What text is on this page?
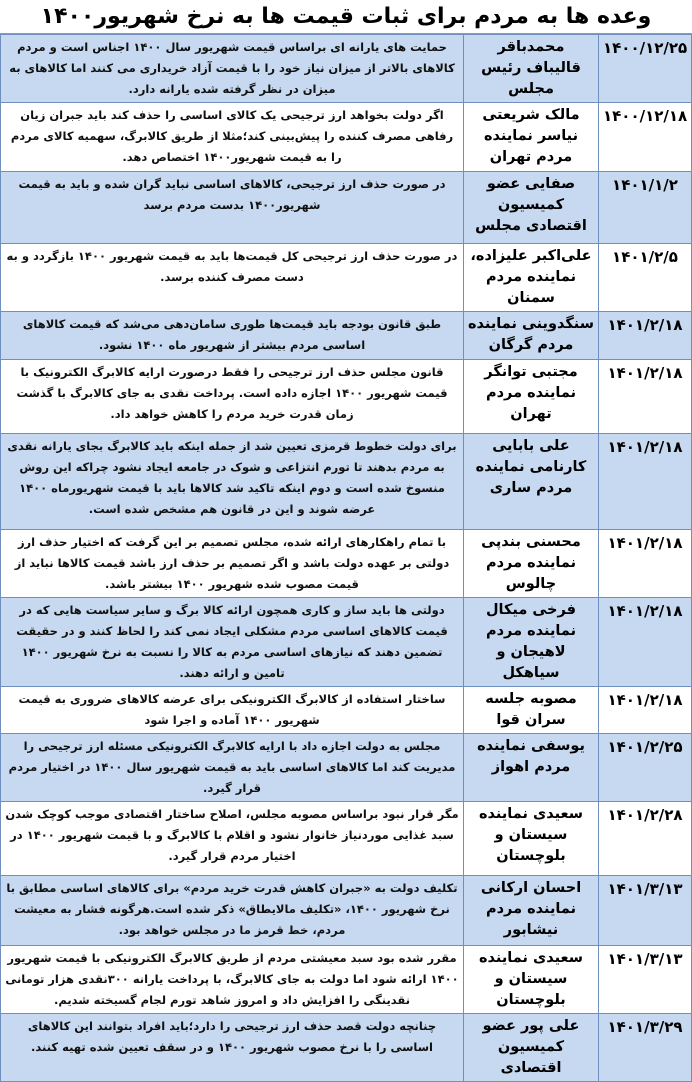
وعده ها به مردم برای ثبات قیمت ها به نرخ شهریور۱۴۰۰
۱۴۰۰/۱۲/۲۵	محمدباقر قالیباف رئیس مجلس	حمایت های یارانه ای براساس قیمت شهریور سال ۱۴۰۰ اجناس است و مردم کالاهای بالاتر از میزان نیاز خود را با قیمت آزاد خریداری می کنند اما کالاهای به میزان در نظر گرفته شده یارانه دارد.
۱۴۰۰/۱۲/۱۸	مالک شریعتی نیاسر نماینده مردم تهران	اگر دولت بخواهد ارز ترجیحی یک کالای اساسی را حذف کند باید جبران زیان رفاهی مصرف کننده را پیش‌بینی کند؛مثلا از طریق کالابرگ، سهمیه کالای مردم را به قیمت شهریور۱۴۰۰ اختصاص دهد.
۱۴۰۱/۱/۲	صفایی عضو کمیسیون اقتصادی مجلس	در صورت حذف ارز ترجیحی، کالاهای اساسی نباید گران شده و باید به قیمت شهریور۱۴۰۰ بدست مردم برسد
۱۴۰۱/۲/۵	علی‌اکبر علیزاده، نماینده مردم سمنان	در صورت حذف ارز ترجیحی کل قیمت‌ها باید به قیمت شهریور ۱۴۰۰ بازگردد و به دست مصرف کننده برسد.
۱۴۰۱/۲/۱۸	سنگدوینی نماینده مردم گرگان	طبق قانون بودجه باید قیمت‌ها طوری سامان‌دهی می‌شد که قیمت کالاهای اساسی مردم بیشتر از شهریور ماه ۱۴۰۰ نشود.
۱۴۰۱/۲/۱۸	مجتبی توانگر نماینده مردم تهران	قانون مجلس حذف ارز ترجیحی را فقط درصورت ارایه کالابرگ الکترونیک با قیمت شهریور ۱۴۰۰ اجازه داده است. پرداخت نقدی به جای کالابرگ با گذشت زمان قدرت خرید مردم را کاهش خواهد داد.
۱۴۰۱/۲/۱۸	علی بابایی کارنامی نماینده مردم ساری	برای دولت خطوط قرمزی تعیین شد از جمله اینکه باید کالابرگ بجای یارانه نقدی به مردم بدهند تا تورم انتزاعی و شوک در جامعه ایجاد نشود چراکه این روش منسوخ شده است و دوم اینکه تاکید شد کالاها باید با قیمت شهریورماه ۱۴۰۰ عرضه شوند و این در قانون هم مشخص شده است.
۱۴۰۱/۲/۱۸	محسنی بندپی نماینده مردم چالوس	با تمام راهکارهای ارائه شده، مجلس تصمیم بر این گرفت که اختیار حذف ارز دولتی بر عهده دولت باشد و اگر تصمیم بر حذف ارز باشد قیمت کالاها نباید از قیمت مصوب شده شهریور ۱۴۰۰ بیشتر باشد.
۱۴۰۱/۲/۱۸	فرخی میکال نماینده مردم لاهیجان و سیاهکل	دولتی ها باید ساز و کاری همچون ارائه کالا برگ و سایر سیاست هایی که در قیمت کالاهای اساسی مردم مشکلی ایجاد نمی کند را لحاظ کنند و در حقیقت تضمین دهند که نیازهای اساسی مردم به کالا را نسبت به نرخ شهریور ۱۴۰۰ تامین و ارائه دهند.
۱۴۰۱/۲/۱۸	مصوبه جلسه سران قوا	ساختار استفاده از کالابرگ الکترونیکی برای عرضه کالاهای ضروری به قیمت شهریور ۱۴۰۰ آماده و اجرا شود
۱۴۰۱/۲/۲۵	یوسفی نماینده مردم اهواز	مجلس به دولت اجازه داد با ارایه کالابرگ الکترونیکی مسئله ارز ترجیحی را مدیریت کند اما کالاهای اساسی باید به قیمت شهریور سال ۱۴۰۰ در اختیار مردم قرار گیرد.
۱۴۰۱/۲/۲۸	سعیدی نماینده سیستان و بلوچستان	مگر قرار نبود براساس مصوبه مجلس، اصلاح ساختار اقتصادی موجب کوچک شدن سبد غذایی موردنیاز خانوار نشود و اقلام با کالابرگ و با قیمت شهریور ۱۴۰۰ در اختیار مردم قرار گیرد.
۱۴۰۱/۳/۱۳	احسان ارکانی نماینده مردم نیشابور	تکلیف دولت به «جبران کاهش قدرت خرید مردم» برای کالاهای اساسی مطابق با نرخ شهریور ۱۴۰۰، «تکلیف مالایطاق» ذکر شده است.هرگونه فشار به معیشت مردم، خط قرمز ما در مجلس خواهد بود.
۱۴۰۱/۳/۱۳	سعیدی نماینده سیستان و بلوچستان	مقرر شده بود سبد معیشتی مردم از طریق کالابرگ الکترونیکی با قیمت شهریور ۱۴۰۰ ارائه شود اما دولت به جای کالابرگ، با پرداخت یارانه ۳۰۰نقدی هزار تومانی نقدینگی را افزایش داد و امروز شاهد تورم لجام گسیخته شدیم.
۱۴۰۱/۳/۲۹	علی پور عضو کمیسیون اقتصادی	چنانچه دولت قصد حذف ارز ترجیحی را دارد؛باید افراد بتوانند این کالاهای اساسی را با نرخ مصوب شهریور ۱۴۰۰ و در سقف تعیین شده تهیه کنند.
